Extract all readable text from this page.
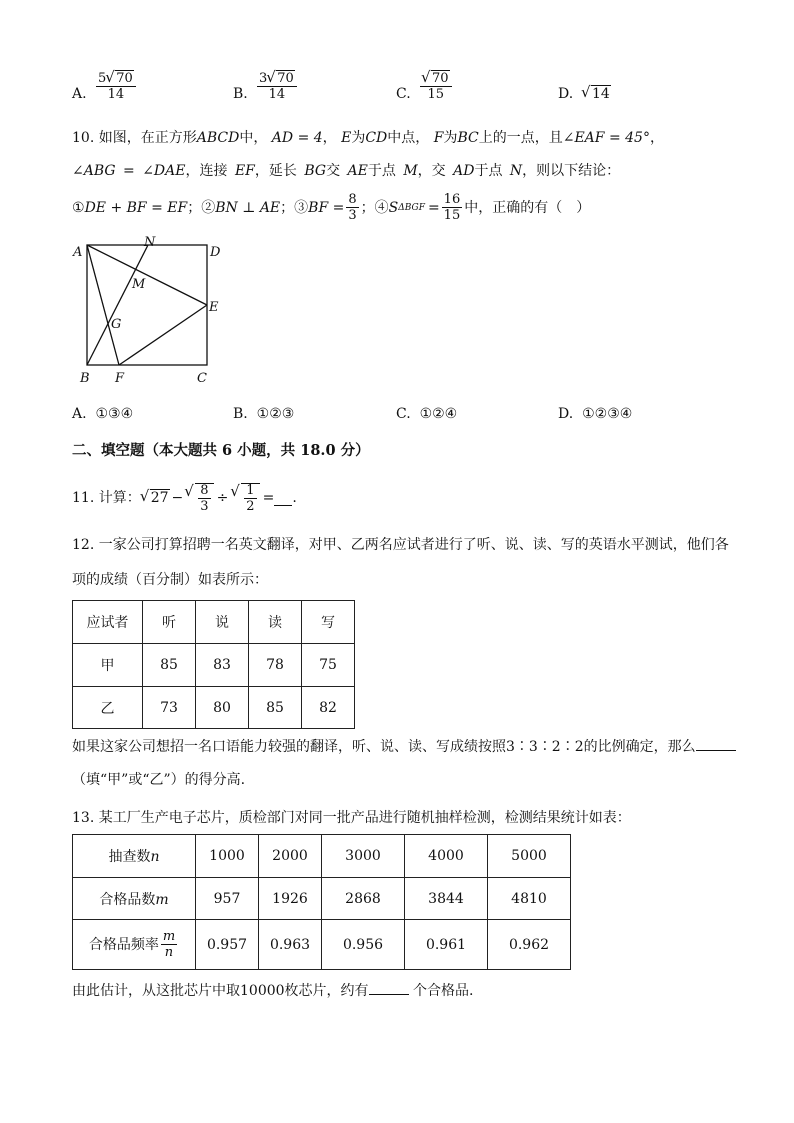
A. $\frac{5 √ 70}{14}$	B. $\frac{3 √ 70}{14}$	C. √ $\frac{70}{15}$	D.	√ 14
10. 如图，在正方形ABCD中， AD = 4， E为CD中点， F为BC上的一点，且∠EAF = 45°，
∠ABG = ∠DAE，连接 EF，延长 BG交 AE于点 M，交 AD于点 N，则以下结论：
① DE + BF = EF ；② BN ⊥ AE ；③ BF = $\frac{8}{3}$ ；④ S $\Delta BGF = \frac{16}{15}$ 中，正确的有（　）
A
N
D
M
E
G
B F	C
A. ①③④	B. ①②③	C. ①②④	D. ①②③④
二、填空题（本大题共 6 小题，共 18.0 分）
11.
计算： √ 27 − √ $\frac{8}{3}$ ÷ √ $\frac{1}{2}$ = .
12. 一家公司打算招聘一名英文翻译，对甲、乙两名应试者进行了听、说、读、写的英语水平测试，他们各
项的成绩（百分制）如表所示：
应试者	听	说	读	写
甲	85	83	78	75
乙	73	80	85	82
如果这家公司想招一名口语能力较强的翻译，听、说、读、写成绩按照3∶3∶2∶2的比例确定，那么
（填“甲”或“乙”）的得分高.
13. 某工厂生产电子芯片，质检部门对同一批产品进行随机抽样检测，检测结果统计如表：
抽查数n	1000	2000	3000	4000	5000
合格品数m	957	1926	2868	3844	4810
合格品频率 $\frac{m}{n}$	0.957	0.963	0.956	0.961	0.962
由此估计，从这批芯片中取10000枚芯片，约有	个合格品.
